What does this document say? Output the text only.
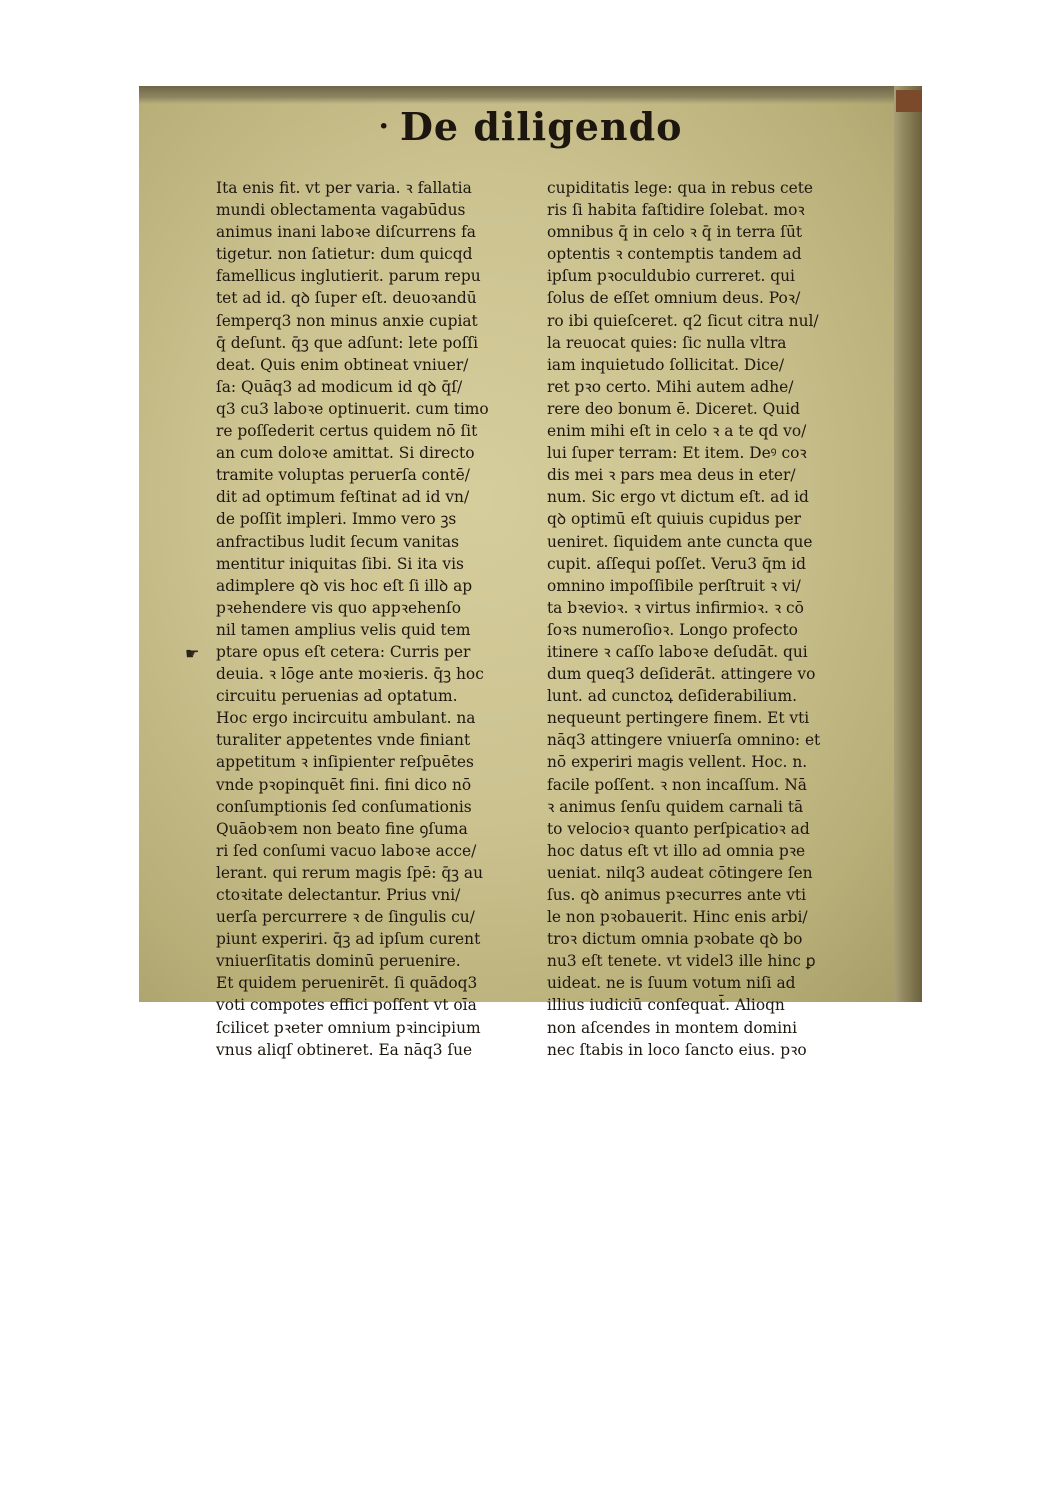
· De diligendo
☛
Ita enis fit. vt per varia. ꝛ fallatia
mundi oblectamenta vagabūdus
animus inani laboꝛe diſcurrens fa
tigetur. non ſatietur: dum quicqd
famellicus inglutierit. parum repu
tet ad id. qꝺ ſuper eſt. deuoꝛandū
ſemperq3 non minus anxie cupiat
q̄ deſunt. q̄ꝫ que adſunt: lete poſſi
deat. Quis enim obtineat vniuer/
ſa: Quāq3 ad modicum id qꝺ q̄ſ/
q3 cu3 laboꝛe optinuerit. cum timo
re poſſederit certus quidem nō ſit
an cum doloꝛe amittat. Si directo
tramite voluptas peruerſa contē/
dit ad optimum feſtinat ad id vn/
de poſſit impleri. Immo vero ꝫs
anfractibus ludit ſecum vanitas
mentitur iniquitas ſibi. Si ita vis
adimplere qꝺ vis hoc eſt ſi illꝺ ap
pꝛehendere vis quo appꝛehenſo
nil tamen amplius velis quid tem
ptare opus eſt cetera: Curris per
deuia. ꝛ lōge ante moꝛieris. q̄ꝫ hoc
circuitu peruenias ad optatum.
Hoc ergo incircuitu ambulant. na
turaliter appetentes vnde finiant
appetitum ꝛ inſipienter reſpuētes
vnde pꝛopinquēt fini. fini dico nō
conſumptionis ſed conſumationis
Quāobꝛem non beato fine ꝯſuma
ri ſed conſumi vacuo laboꝛe acce/
lerant. qui rerum magis ſpē: q̄ꝫ au
ctoꝛitate delectantur. Prius vni/
uerſa percurrere ꝛ de ſingulis cu/
piunt experiri. q̄ꝫ ad ipſum curent
vniuerſitatis dominū peruenire.
Et quidem peruenirēt. ſi quādoq3
voti compotes effici poſſent vt oīa
ſcilicet pꝛeter omnium pꝛincipium
vnus aliqſ obtineret. Ea nāq3 ſue
cupiditatis lege: qua in rebus cete
ris ſi habita faſtidire ſolebat. moꝛ
omnibus q̄ in celo ꝛ q̄ in terra ſūt
optentis ꝛ contemptis tandem ad
ipſum pꝛoculdubio curreret. qui
ſolus de eſſet omnium deus. Poꝛ/
ro ibi quieſceret. q2 ſicut citra nul/
la reuocat quies: ſic nulla vltra
iam inquietudo ſollicitat. Dice/
ret pꝛo certo. Mihi autem adhe/
rere deo bonum ē. Diceret. Quid
enim mihi eſt in celo ꝛ a te qd vo/
lui ſuper terram: Et item. Deꝰ coꝛ
dis mei ꝛ pars mea deus in eter/
num. Sic ergo vt dictum eſt. ad id
qꝺ optimū eſt quiuis cupidus per
ueniret. ſiquidem ante cuncta que
cupit. aſſequi poſſet. Veru3 q̄m id
omnino impoſſibile perſtruit ꝛ vi/
ta bꝛevioꝛ. ꝛ virtus infirmioꝛ. ꝛ cō
ſoꝛs numeroſioꝛ. Longo profecto
itinere ꝛ caſſo laboꝛe deſudāt. qui
dum queq3 deſiderāt. attingere vo
lunt. ad cunctoꝝ deſiderabilium.
nequeunt pertingere finem. Et vti
nāq3 attingere vniuerſa omnino: et
nō experiri magis vellent. Hoc. n.
facile poſſent. ꝛ non incaſſum. Nā
ꝛ animus ſenſu quidem carnali tā
to velocioꝛ quanto perſpicatioꝛ ad
hoc datus eſt vt illo ad omnia pꝛe
ueniat. nilq3 audeat cōtingere ſen
ſus. qꝺ animus pꝛecurres ante vti
le non pꝛobauerit. Hinc enis arbi/
troꝛ dictum omnia pꝛobate qꝺ bo
nu3 eſt tenete. vt videl3 ille hinc ꝑ
uideat. ne is ſuum votum niſi ad
illius iudiciū conſequat̄. Alioqn
non aſcendes in montem domini
nec ſtabis in loco ſancto eius. pꝛo
